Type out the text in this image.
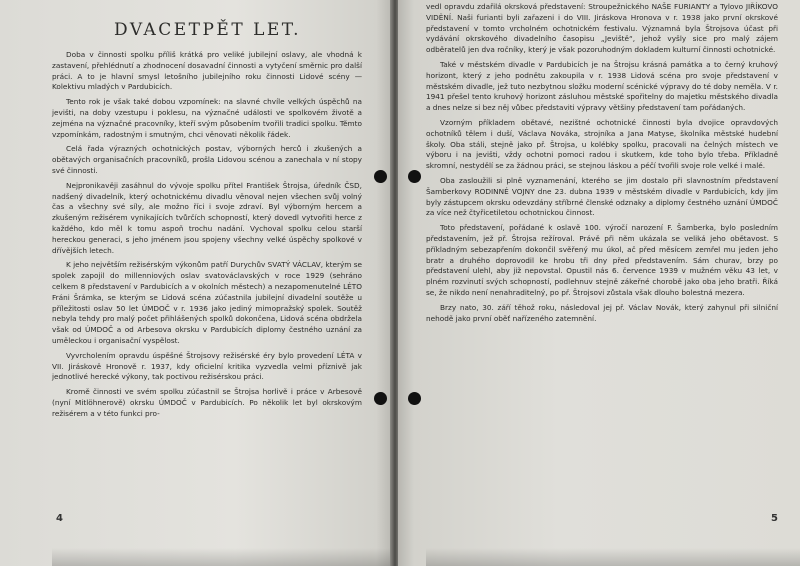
DVACETPĚT LET.

Doba v činnosti spolku příliš krátká pro veliké jubilejní oslavy, ale vhodná k zastavení, přehlédnutí a zhodnocení dosavadní činnosti a vytyčení směrnic pro další práci. A to je hlavní smysl letošního jubilejního roku činnosti Lidové scény — Kolektivu mladých v Pardubicích.

Tento rok je však také dobou vzpomínek: na slavné chvíle velkých úspěchů na jevišti, na doby vzestupu i poklesu, na význačné události ve spolkovém životě a zejména na význačné pracovníky, kteří svým působením tvořili tradici spolku. Těmto vzpomínkám, radostným i smutným, chci věnovati několik řádek.

Celá řada výrazných ochotnických postav, výborných herců i zkušených a obětavých organisačních pracovníků, prošla Lidovou scénou a zanechala v ní stopy své činnosti.

Nejpronikavěji zasáhnul do vývoje spolku přítel František Štrojsa, úředník ČSD, nadšený divadelník, který ochotnickému divadlu věnoval nejen všechen svůj volný čas a všechny své síly, ale možno říci i svoje zdraví. Byl výborným hercem a zkušeným režisérem vynikajících tvůrčích schopností, který dovedl vytvořiti herce z každého, kdo měl k tomu aspoň trochu nadání. Vychoval spolku celou starší hereckou generaci, s jeho jménem jsou spojeny všechny velké úspěchy spolkové v dřívějších letech.

K jeho největším režisérským výkonům patří Durychův SVATÝ VÁCLAV, kterým se spolek zapojil do millenniových oslav svatováclavských v roce 1929 (sehráno celkem 8 představení v Pardubicích a v okolních městech) a nezapomenutelné LÉTO Fráni Šrámka, se kterým se Lidová scéna zúčastnila jubilejní divadelní soutěže u příležitosti oslav 50 let ÚMDOČ v r. 1936 jako jediný mimopražský spolek. Soutěž nebyla tehdy pro malý počet přihlášených spolků dokončena, Lidová scéna obdržela však od ÚMDOČ a od Arbesova okrsku v Pardubicích diplomy čestného uznání za uměleckou i organisační vyspělost.

Vyvrcholením opravdu úspěšné Štrojsovy režisérské éry bylo provedení LÉTA v VII. Jiráskově Hronově r. 1937, kdy oficielní kritika vyzvedla velmi příznivě jak jednotlivé herecké výkony, tak poctivou režisérskou práci.

Kromě činnosti ve svém spolku zúčastnil se Štrojsa horlivě i práce v Arbesově (nyní Mitlöhnerově) okrsku ÚMDOČ v Pardubicích. Po několik let byl okrskovým režisérem a v této funkci pro-

4

vedl opravdu zdařilá okrsková představení: Stroupežnického NAŠE FURIANTY a Tylovo JIŘÍKOVO VIDĚNÍ. Naši furianti byli zařazeni i do VIII. Jiráskova Hronova v r. 1938 jako první okrskové představení v tomto vrcholném ochotnickém festivalu. Významná byla Štrojsova účast při vydávání okrskového divadelního časopisu „Jeviště“, jehož vyšly sice pro malý zájem odběratelů jen dva ročníky, který je však pozoruhodným dokladem kulturní činnosti ochotnické.

Také v městském divadle v Pardubicích je na Štrojsu krásná památka a to černý kruhový horizont, který z jeho podnětu zakoupila v r. 1938 Lidová scéna pro svoje představení v městském divadle, jež tuto nezbytnou složku moderní scénické výpravy do té doby neměla. V r. 1941 přešel tento kruhový horizont zásluhou městské spořitelny do majetku městského divadla a dnes nelze si bez něj vůbec představiti výpravy většiny představení tam pořádaných.

Vzorným příkladem obětavé, nezištné ochotnické činnosti byla dvojice opravdových ochotníků tělem i duší, Václava Nováka, strojníka a Jana Matyse, školníka městské hudební školy. Oba stáli, stejně jako př. Štrojsa, u kolébky spolku, pracovali na čelných místech ve výboru i na jevišti, vždy ochotni pomoci radou i skutkem, kde toho bylo třeba. Příkladně skromní, nestydělí se za žádnou práci, se stejnou láskou a péčí tvořili svoje role velké i malé.

Oba zasloužili si plně vyznamenání, kterého se jim dostalo při slavnostním představení Šamberkovy RODINNÉ VOJNY dne 23. dubna 1939 v městském divadle v Pardubicích, kdy jim byly zástupcem okrsku odevzdány stříbrné členské odznaky a diplomy čestného uznání ÚMDOČ za více než čtyřicetiletou ochotnickou činnost.

Toto představení, pořádané k oslavě 100. výročí narození F. Šamberka, bylo posledním představením, jež př. Štrojsa režíroval. Právě při něm ukázala se veliká jeho obětavost. S příkladným sebezapřením dokončil svěřený mu úkol, ač před měsícem zemřel mu jeden jeho bratr a druhého doprovodil ke hrobu tři dny před představením. Sám churav, brzy po představení ulehl, aby již nepovstal. Opustil nás 6. července 1939 v mužném věku 43 let, v plném rozvinutí svých schopností, podlehnuv stejně zákeřné chorobě jako oba jeho bratři. Říká se, že nikdo není nenahraditelný, po př. Štrojsovi zůstala však dlouho bolestná mezera.

Brzy nato, 30. září těhož roku, následoval jej př. Václav Novák, který zahynul při silniční nehodě jako první oběť nařízeného zatemnění.

5
